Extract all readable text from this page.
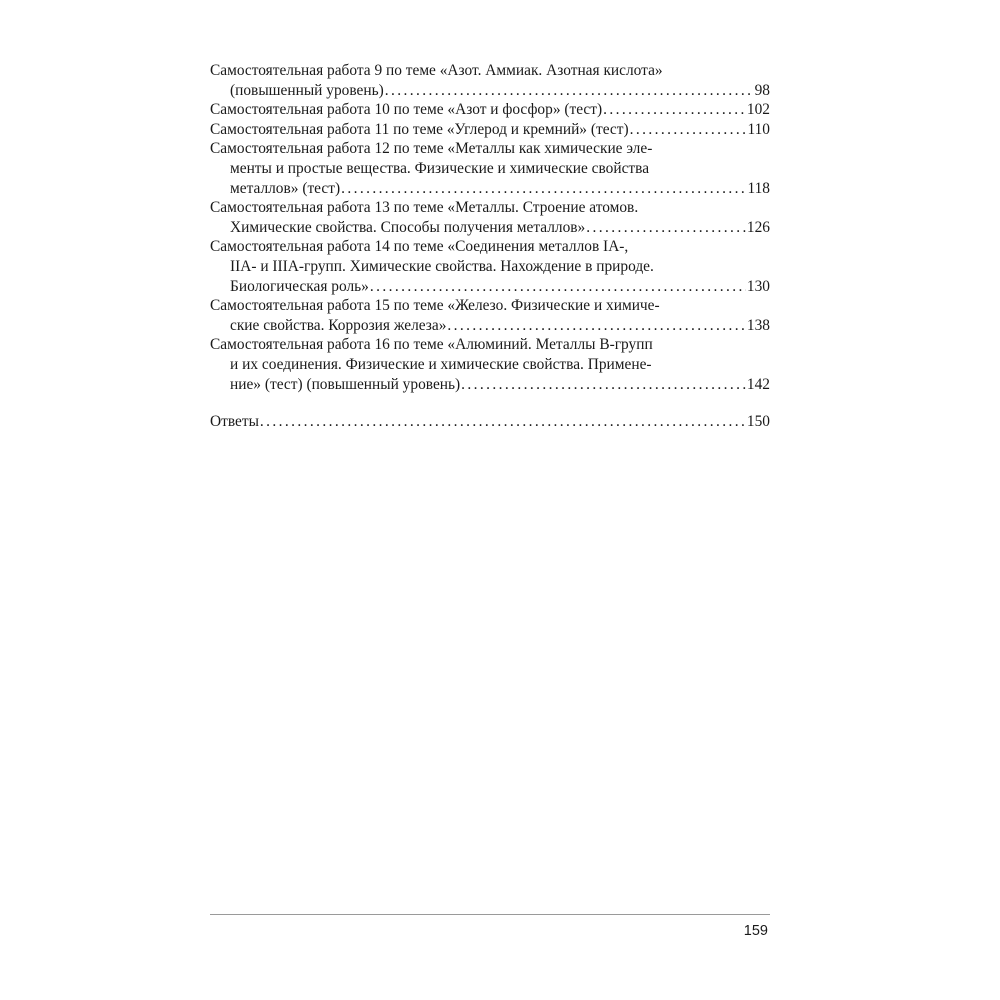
Самостоятельная работа 9 по теме «Азот. Аммиак. Азотная кислота»
(повышенный уровень) .....	98
Самостоятельная работа 10 по теме «Азот и фосфор» (тест) .....	102
Самостоятельная работа 11 по теме «Углерод и кремний» (тест) .....	110
Самостоятельная работа 12 по теме «Металлы как химические эле-
менты и простые вещества. Физические и химические свойства
металлов» (тест) .....	118
Самостоятельная работа 13 по теме «Металлы. Строение атомов.
Химические свойства. Способы получения металлов» .....	126
Самостоятельная работа 14 по теме «Соединения металлов IA-,
IIA- и IIIA-групп. Химические свойства. Нахождение в природе.
Биологическая роль» .....	130
Самостоятельная работа 15 по теме «Железо. Физические и химиче-
ские свойства. Коррозия железа» .....	138
Самостоятельная работа 16 по теме «Алюминий. Металлы В-групп
и их соединения. Физические и химические свойства. Примене-
ние» (тест) (повышенный уровень) .....	142
Ответы .....	150
159
